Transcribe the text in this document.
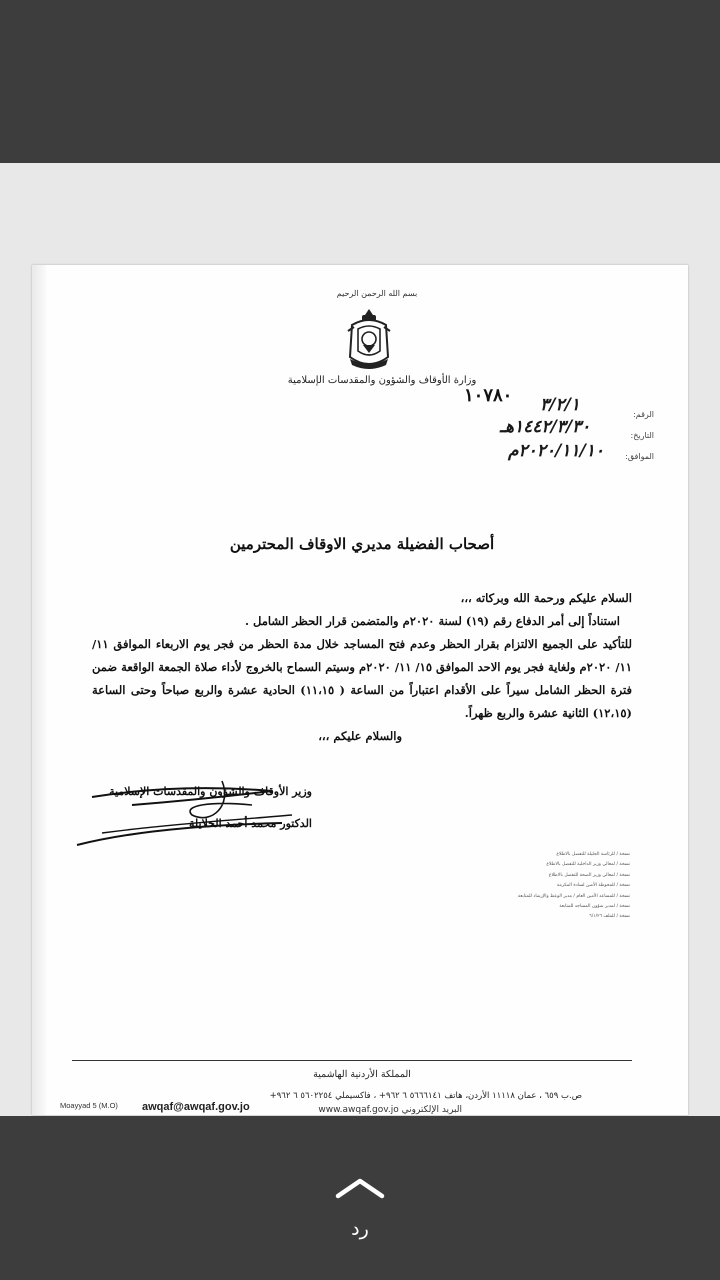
بسم الله الرحمن الرحيم
وزارة الأوقاف والشؤون والمقدسات الإسلامية
١٠٧٨٠
الرقم:
التاريخ:
الموافق:
٣/٢/١
١٤٤٢/٣/٣٠هـ
٢٠٢٠/١١/١٠م
أصحاب الفضيلة مديري الاوقاف المحترمين

السلام عليكم ورحمة الله وبركاته ،،،

استناداً إلى أمر الدفاع رقم (١٩) لسنة ٢٠٢٠م والمتضمن قرار الحظر الشامل .

للتأكيد على الجميع الالتزام بقرار الحظر وعدم فتح المساجد خلال مدة الحظر من فجر يوم الاربعاء الموافق ١١/ ١١/ ٢٠٢٠م ولغاية فجر يوم الاحد الموافق ١٥/ ١١/ ٢٠٢٠م وسيتم السماح بالخروج لأداء صلاة الجمعة الواقعة ضمن فترة الحظر الشامل سيراً على الأقدام اعتباراً من الساعة ( ١١،١٥) الحادية عشرة والربع صباحاً وحتى الساعة (١٢،١٥) الثانية عشرة والربع ظهراً.

والسلام عليكم ،،،

وزير الأوقاف والشؤون والمقدسات الإسلامية
الدكتور محمد أحمد الخلايلة
نسخة / للرئاسة الجليلة للتفضل بالاطلاع
نسخة / لمعالي وزير الداخلية للتفضل بالاطلاع
نسخة / لمعالي وزير الصحة للتفضل بالاطلاع
نسخة / للمحوظة الأمين لسادة المكرمة
نسخة / للمساعد الأمين العام / مدير الوعظ والإرشاد للمتابعة
نسخة / لمدير شؤون المساجد للمتابعة
نسخة / للملف ٦/١/٢٦
المملكة الأردنية الهاشمية
ص.ب ٦٥٩ ، عمان ١١١١٨ الأردن، هاتف ٥٦٦٦١٤١ ٦ ٩٦٢+ ، فاكسيملي ٥٦٠٢٢٥٤ ٦ ٩٦٢+
awqaf@awqaf.gov.jo	البريد الإلكتروني www.awqaf.gov.jo
Moayyad 5 (M.O)
رد
